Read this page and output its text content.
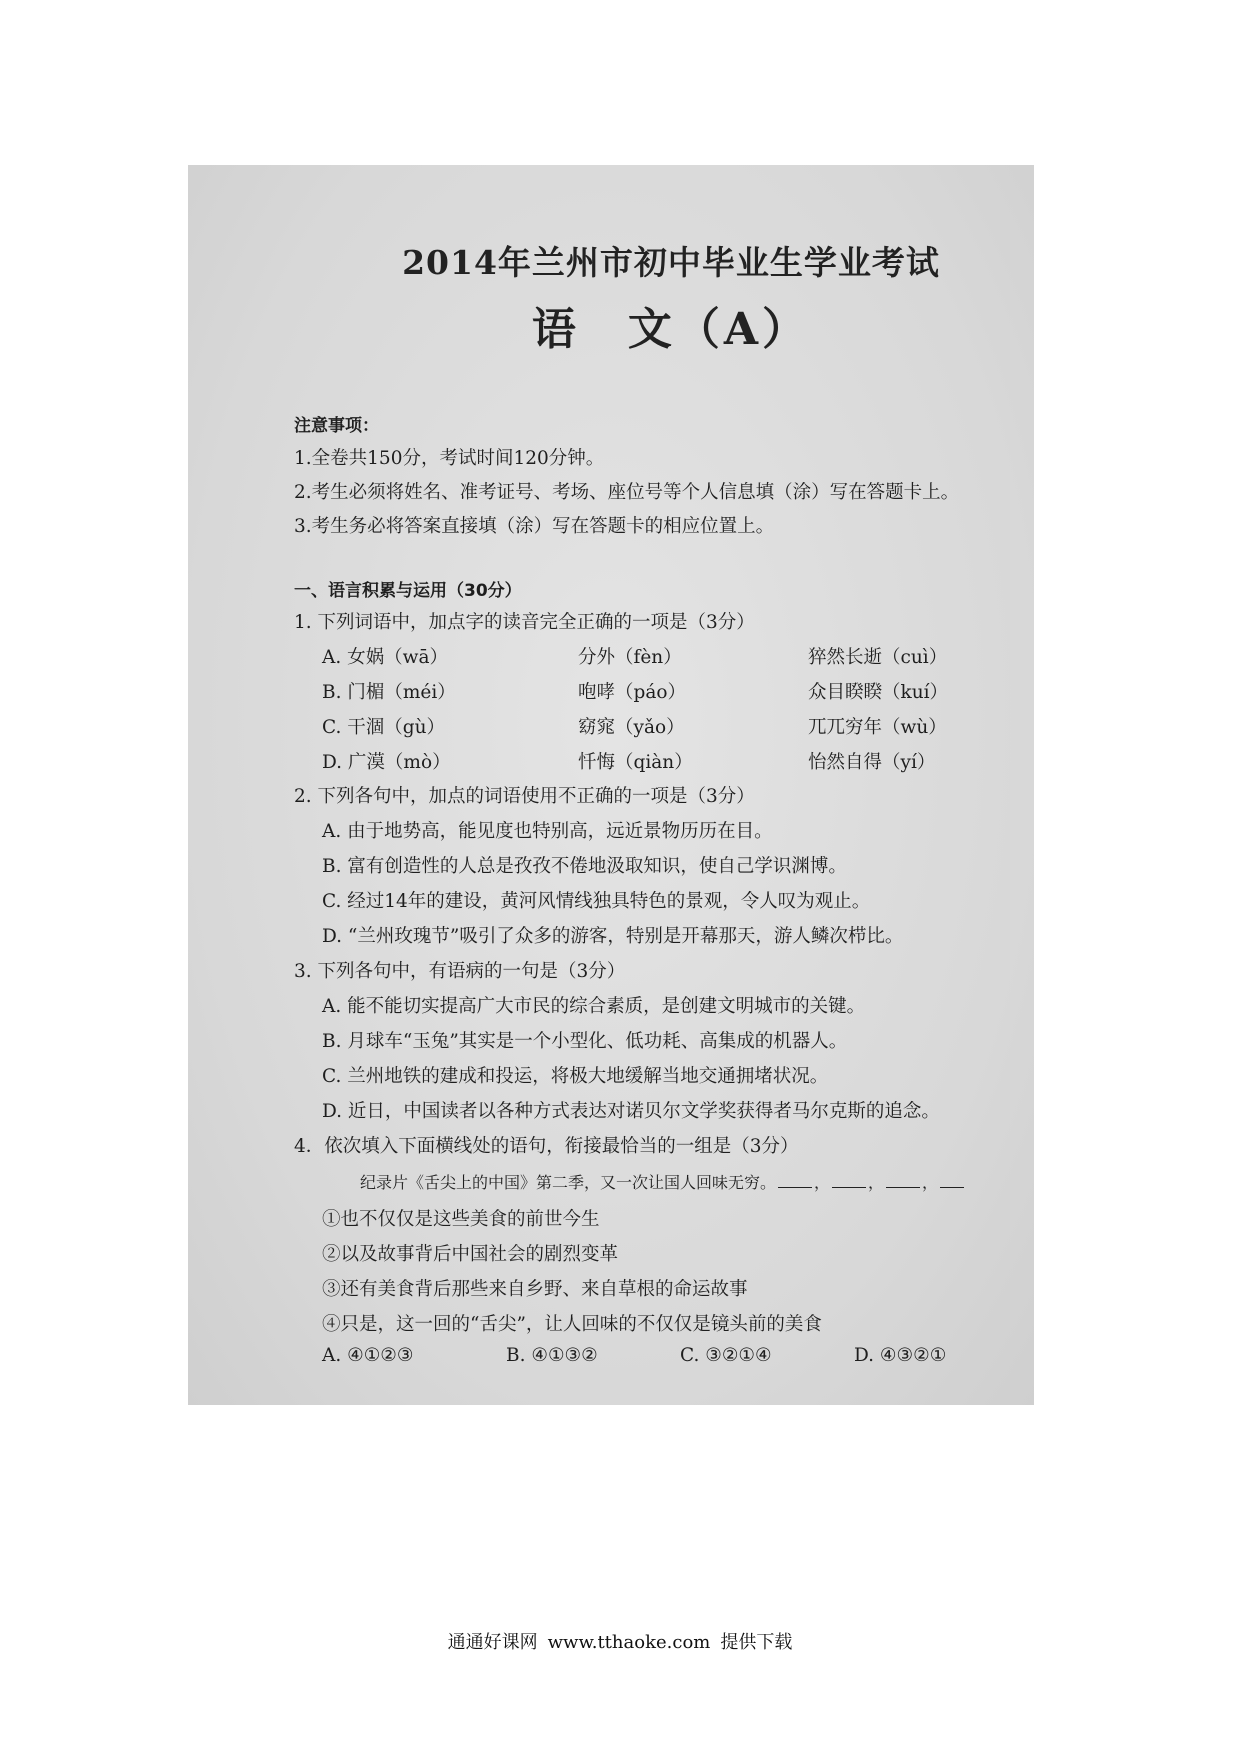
2014年兰州市初中毕业生学业考试
语　文（A）
注意事项：
1.全卷共150分，考试时间120分钟。
2.考生必须将姓名、准考证号、考场、座位号等个人信息填（涂）写在答题卡上。
3.考生务必将答案直接填（涂）写在答题卡的相应位置上。
一、语言积累与运用（30分）
1. 下列词语中，加点字的读音完全正确的一项是（3分）
A. 女娲（wā）	分外（fèn）	猝然长逝（cuì）
B. 门楣（méi）	咆哮（páo）	众目睽睽（kuí）
C. 干涸（gù）	窈窕（yǎo）	兀兀穷年（wù）
D. 广漠（mò）	忏悔（qiàn）	怡然自得（yí）
2. 下列各句中，加点的词语使用不正确的一项是（3分）
A. 由于地势高，能见度也特别高，远近景物历历在目。
B. 富有创造性的人总是孜孜不倦地汲取知识，使自己学识渊博。
C. 经过14年的建设，黄河风情线独具特色的景观，令人叹为观止。
D. “兰州玫瑰节”吸引了众多的游客，特别是开幕那天，游人鳞次栉比。
3. 下列各句中，有语病的一句是（3分）
A. 能不能切实提高广大市民的综合素质，是创建文明城市的关键。
B. 月球车“玉兔”其实是一个小型化、低功耗、高集成的机器人。
C. 兰州地铁的建成和投运，将极大地缓解当地交通拥堵状况。
D. 近日，中国读者以各种方式表达对诺贝尔文学奖获得者马尔克斯的追念。
4．依次填入下面横线处的语句，衔接最恰当的一组是（3分）
纪录片《舌尖上的中国》第二季，又一次让国人回味无穷。 ， ， ，
①也不仅仅是这些美食的前世今生
②以及故事背后中国社会的剧烈变革
③还有美食背后那些来自乡野、来自草根的命运故事
④只是，这一回的“舌尖”，让人回味的不仅仅是镜头前的美食
A. ④①②③	B. ④①③②	C. ③②①④	D. ④③②①
通通好课网 www.tthaoke.com 提供下载
